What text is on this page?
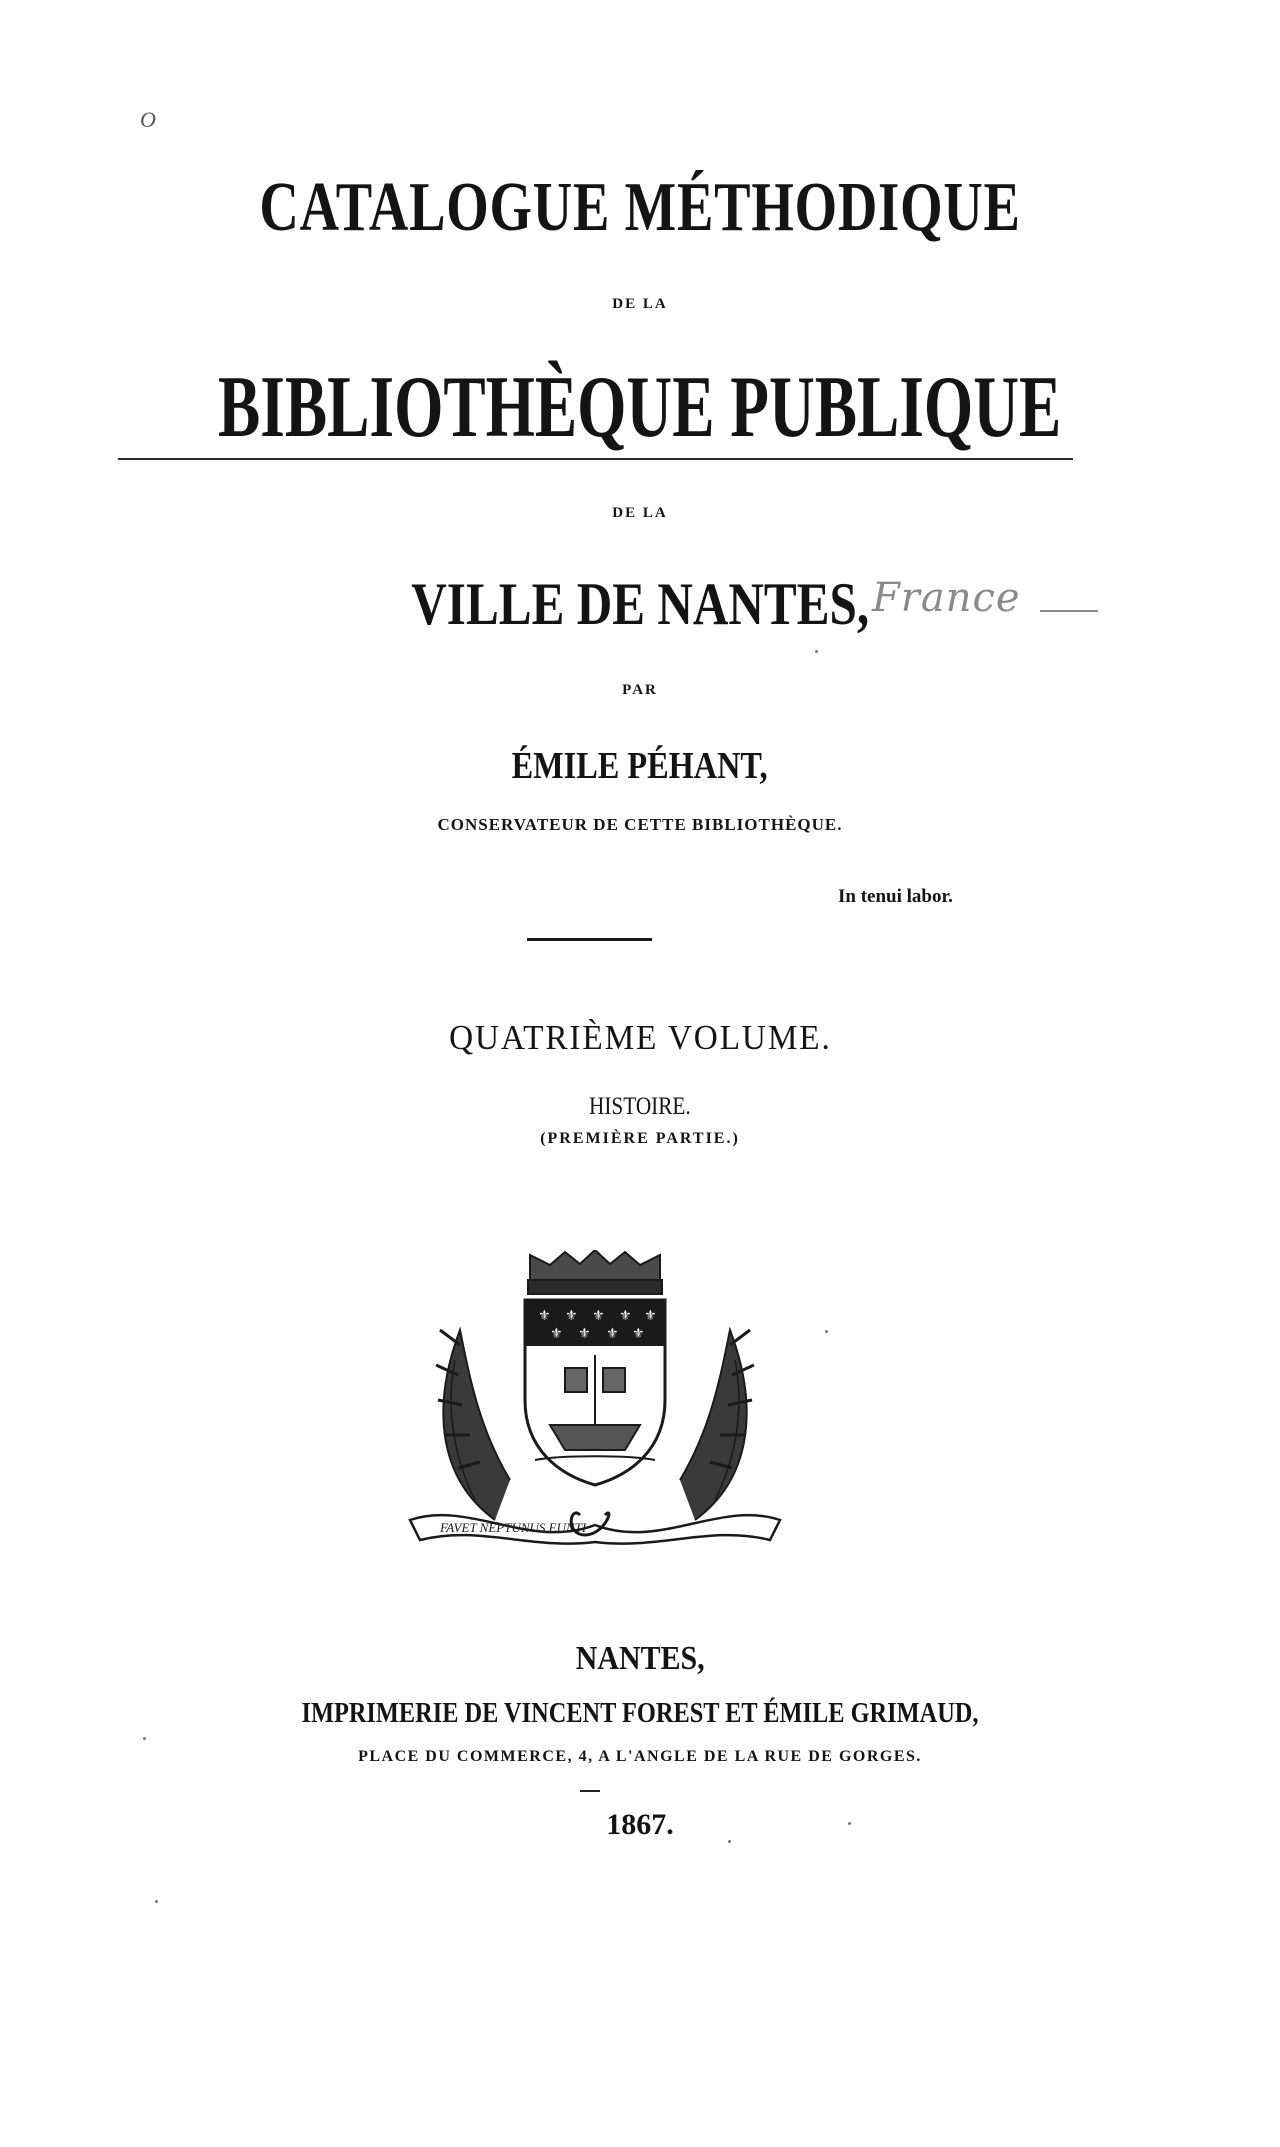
O
CATALOGUE MÉTHODIQUE
DE LA
BIBLIOTHÈQUE PUBLIQUE
DE LA
VILLE DE NANTES, France
PAR
ÉMILE PÉHANT,
CONSERVATEUR DE CETTE BIBLIOTHÈQUE.
In tenui labor.
QUATRIÈME VOLUME.
HISTOIRE.
(PREMIÈRE PARTIE.)
⚜ ⚜ ⚜ ⚜ ⚜
⚜ ⚜ ⚜ ⚜
FAVET NEPTUNUS EUNTI
NANTES,
IMPRIMERIE DE VINCENT FOREST ET ÉMILE GRIMAUD,
PLACE DU COMMERCE, 4, A L'ANGLE DE LA RUE DE GORGES.
1867.
